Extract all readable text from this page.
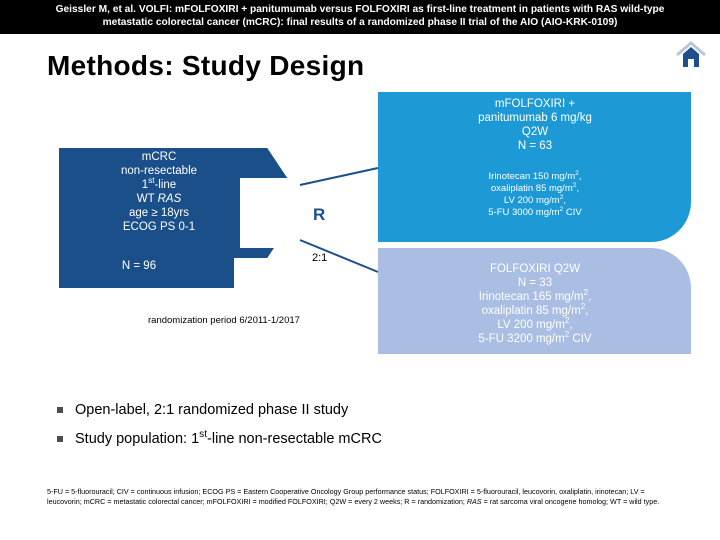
Geissler M, et al. VOLFI: mFOLFOXIRI + panitumumab versus FOLFOXIRI as first-line treatment in patients with RAS wild-type
metastatic colorectal cancer (mCRC): final results of a randomized phase II trial of the AIO (AIO-KRK-0109)
Methods: Study Design
mCRC
non-resectable
1st-line
WT RAS
age ≥ 18yrs
ECOG PS 0-1
N = 96
R
2:1
randomization period 6/2011-1/2017
mFOLFOXIRI +
panitumumab 6 mg/kg
Q2W
N = 63
Irinotecan 150 $mg/m^2$,
oxaliplatin 85 $mg/m^2$,
LV 200 $mg/m^2$,
5-FU 3000 $mg/m^2$ CIV
FOLFOXIRI Q2W
N = 33
Irinotecan 165 $mg/m^2$,
oxaliplatin 85 $mg/m^2$,
LV 200 $mg/m^2$,
5-FU 3200 $mg/m^2$ CIV
Open-label, 2:1 randomized phase II study
Study population: 1st-line non-resectable mCRC
5-FU = 5-fluorouracil; CIV = continuous infusion; ECOG PS = Eastern Cooperative Oncology Group performance status; FOLFOXIRI = 5-fluorouracil, leucovorin, oxaliplatin, irinotecan; LV = leucovorin; mCRC = metastatic colorectal cancer; mFOLFOXIRI = modified FOLFOXIRI; Q2W = every 2 weeks; R = randomization; RAS = rat sarcoma viral oncogene homolog; WT = wild type.
